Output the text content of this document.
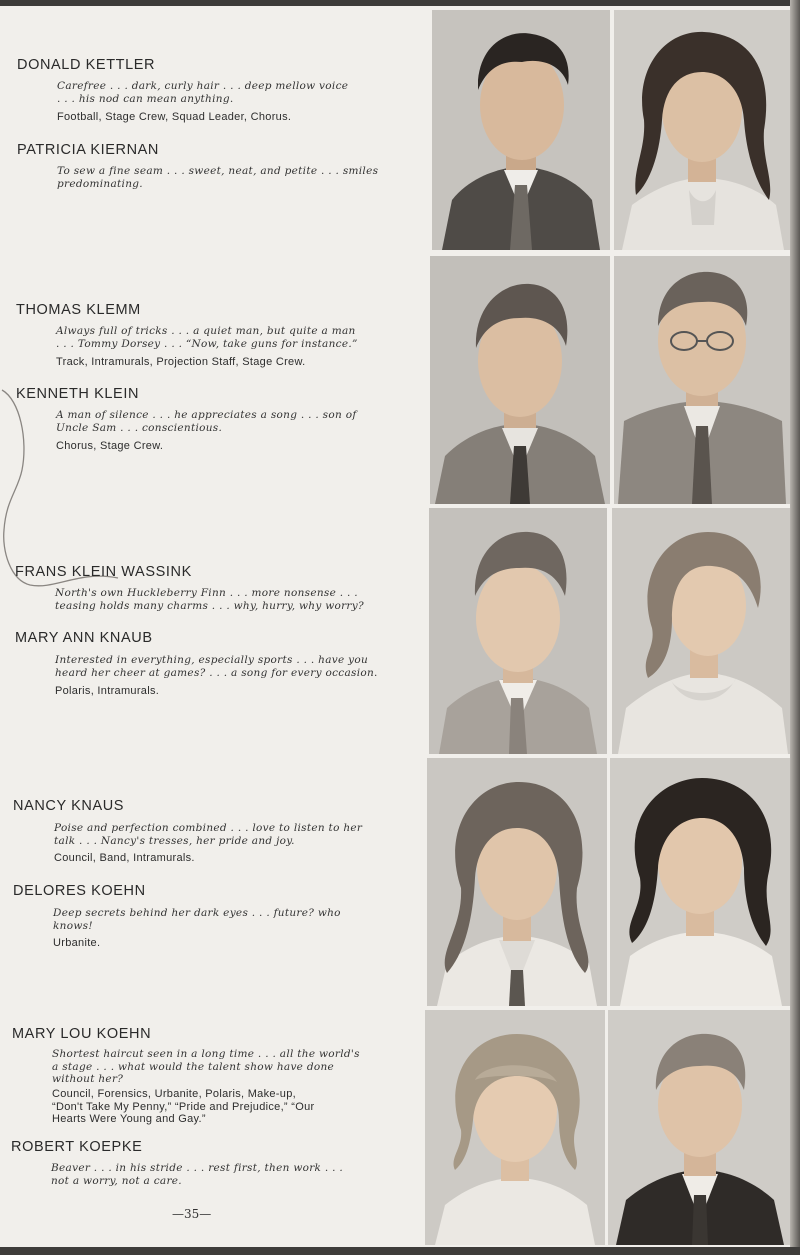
DONALD KETTLER
Carefree . . . dark, curly hair . . . deep mellow voice
. . . his nod can mean anything.
Football, Stage Crew, Squad Leader, Chorus.
PATRICIA KIERNAN
To sew a fine seam . . . sweet, neat, and petite . . . smiles
predominating.
THOMAS KLEMM
Always full of tricks . . . a quiet man, but quite a man
. . . Tommy Dorsey . . . “Now, take guns for instance.”
Track, Intramurals, Projection Staff, Stage Crew.
KENNETH KLEIN
A man of silence . . . he appreciates a song . . . son of
Uncle Sam . . . conscientious.
Chorus, Stage Crew.
FRANS KLEIN WASSINK
North's own Huckleberry Finn . . . more nonsense . . .
teasing holds many charms . . . why, hurry, why worry?
MARY ANN KNAUB
Interested in everything, especially sports . . . have you
heard her cheer at games? . . . a song for every occasion.
Polaris, Intramurals.
NANCY KNAUS
Poise and perfection combined . . . love to listen to her
talk . . . Nancy's tresses, her pride and joy.
Council, Band, Intramurals.
DELORES KOEHN
Deep secrets behind her dark eyes . . . future? who
knows!
Urbanite.
MARY LOU KOEHN
Shortest haircut seen in a long time . . . all the world's
a stage . . . what would the talent show have done
without her?
Council, Forensics, Urbanite, Polaris, Make-up,
“Don't Take My Penny,” “Pride and Prejudice,” “Our
Hearts Were Young and Gay.”
ROBERT KOEPKE
Beaver . . . in his stride . . . rest first, then work . . .
not a worry, not a care.
—35—
